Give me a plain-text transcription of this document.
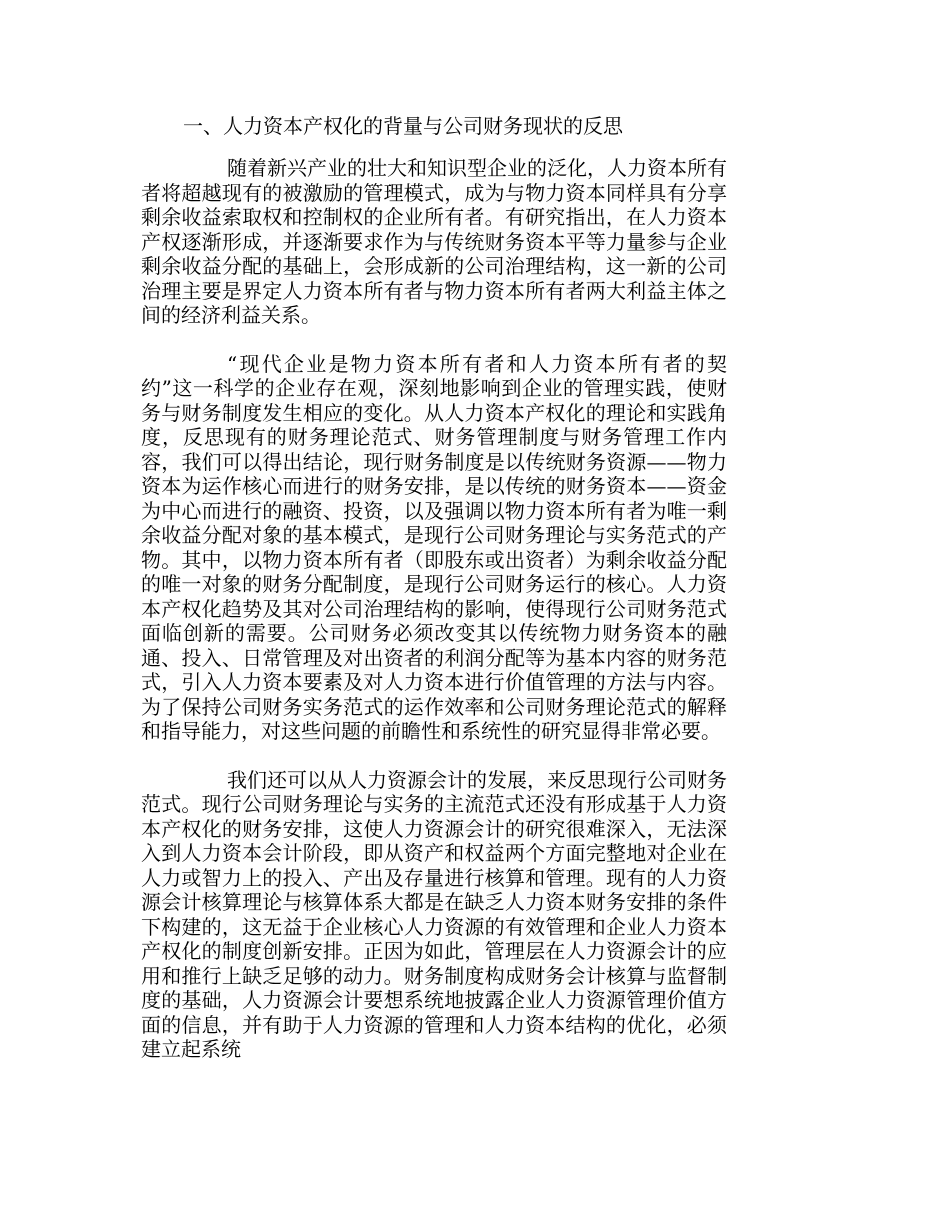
一、人力资本产权化的背量与公司财务现状的反思

随着新兴产业的壮大和知识型企业的泛化，人力资本所有者将超越现有的被激励的管理模式，成为与物力资本同样具有分享剩余收益索取权和控制权的企业所有者。有研究指出，在人力资本产权逐渐形成，并逐渐要求作为与传统财务资本平等力量参与企业剩余收益分配的基础上，会形成新的公司治理结构，这一新的公司治理主要是界定人力资本所有者与物力资本所有者两大利益主体之间的经济利益关系。

“现代企业是物力资本所有者和人力资本所有者的契约”这一科学的企业存在观，深刻地影响到企业的管理实践，使财务与财务制度发生相应的变化。从人力资本产权化的理论和实践角度，反思现有的财务理论范式、财务管理制度与财务管理工作内容，我们可以得出结论，现行财务制度是以传统财务资源——物力资本为运作核心而进行的财务安排，是以传统的财务资本——资金为中心而进行的融资、投资，以及强调以物力资本所有者为唯一剩余收益分配对象的基本模式，是现行公司财务理论与实务范式的产物。其中，以物力资本所有者（即股东或出资者）为剩余收益分配的唯一对象的财务分配制度，是现行公司财务运行的核心。人力资本产权化趋势及其对公司治理结构的影响，使得现行公司财务范式面临创新的需要。公司财务必须改变其以传统物力财务资本的融通、投入、日常管理及对出资者的利润分配等为基本内容的财务范式，引入人力资本要素及对人力资本进行价值管理的方法与内容。为了保持公司财务实务范式的运作效率和公司财务理论范式的解释和指导能力，对这些问题的前瞻性和系统性的研究显得非常必要。

我们还可以从人力资源会计的发展，来反思现行公司财务范式。现行公司财务理论与实务的主流范式还没有形成基于人力资本产权化的财务安排，这使人力资源会计的研究很难深入，无法深入到人力资本会计阶段，即从资产和权益两个方面完整地对企业在人力或智力上的投入、产出及存量进行核算和管理。现有的人力资源会计核算理论与核算体系大都是在缺乏人力资本财务安排的条件下构建的，这无益于企业核心人力资源的有效管理和企业人力资本产权化的制度创新安排。正因为如此，管理层在人力资源会计的应用和推行上缺乏足够的动力。财务制度构成财务会计核算与监督制度的基础，人力资源会计要想系统地披露企业人力资源管理价值方面的信息，并有助于人力资源的管理和人力资本结构的优化，必须建立起系统
